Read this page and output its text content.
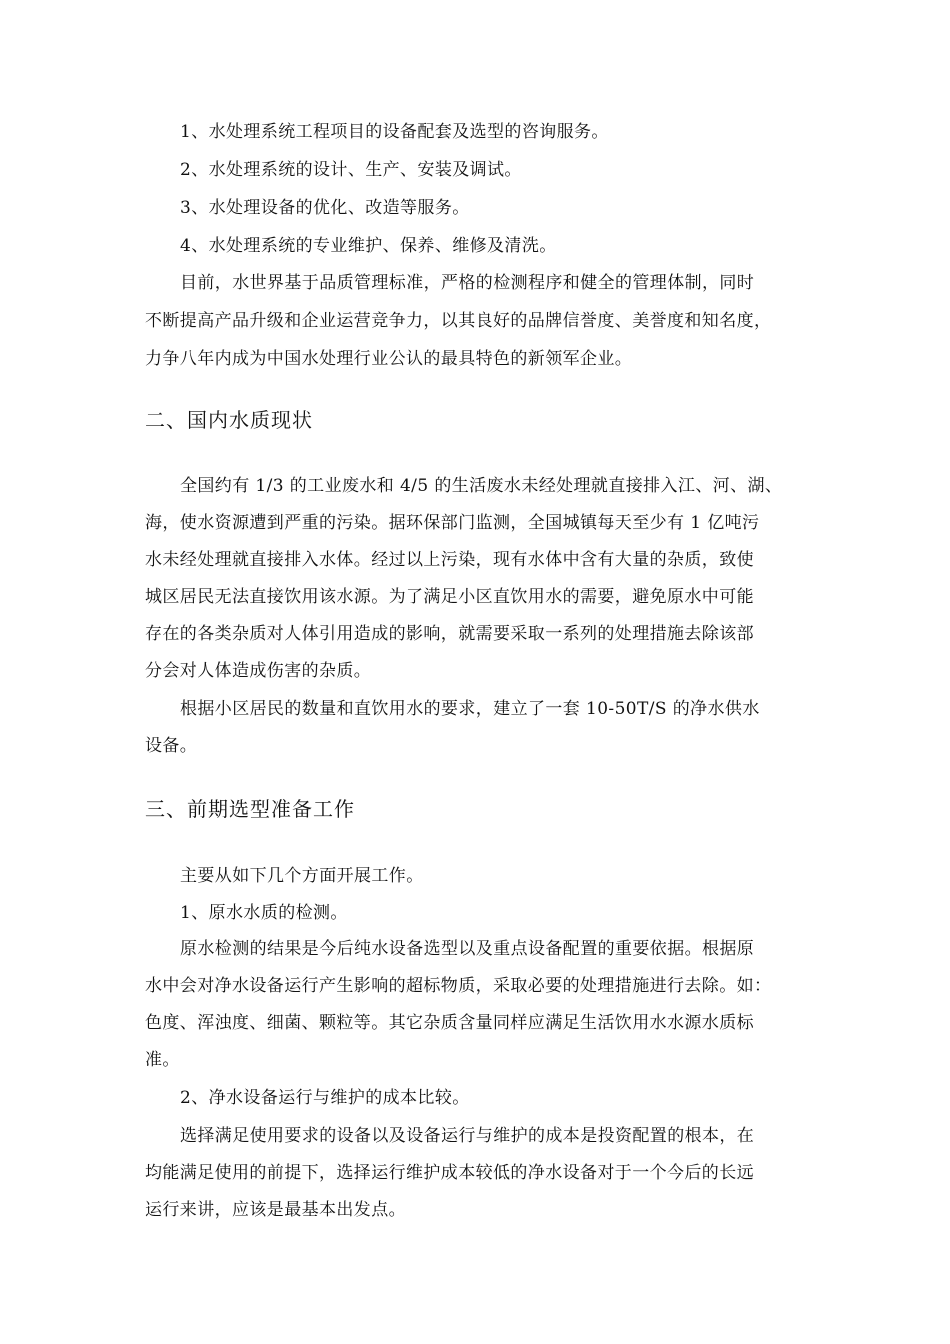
1、水处理系统工程项目的设备配套及选型的咨询服务。
2、水处理系统的设计、生产、安装及调试。
3、水处理设备的优化、改造等服务。
4、水处理系统的专业维护、保养、维修及清洗。
目前，水世界基于品质管理标准，严格的检测程序和健全的管理体制，同时
不断提高产品升级和企业运营竞争力，以其良好的品牌信誉度、美誉度和知名度，
力争八年内成为中国水处理行业公认的最具特色的新领军企业。
二、国内水质现状
全国约有 1/3 的工业废水和 4/5 的生活废水未经处理就直接排入江、河、湖、
海，使水资源遭到严重的污染。据环保部门监测，全国城镇每天至少有 1 亿吨污
水未经处理就直接排入水体。经过以上污染，现有水体中含有大量的杂质，致使
城区居民无法直接饮用该水源。为了满足小区直饮用水的需要，避免原水中可能
存在的各类杂质对人体引用造成的影响，就需要采取一系列的处理措施去除该部
分会对人体造成伤害的杂质。
根据小区居民的数量和直饮用水的要求，建立了一套 10-50T/S 的净水供水
设备。
三、前期选型准备工作
主要从如下几个方面开展工作。
1、原水水质的检测。
原水检测的结果是今后纯水设备选型以及重点设备配置的重要依据。根据原
水中会对净水设备运行产生影响的超标物质，采取必要的处理措施进行去除。如：
色度、浑浊度、细菌、颗粒等。其它杂质含量同样应满足生活饮用水水源水质标
准。
2、净水设备运行与维护的成本比较。
选择满足使用要求的设备以及设备运行与维护的成本是投资配置的根本，在
均能满足使用的前提下，选择运行维护成本较低的净水设备对于一个今后的长远
运行来讲，应该是最基本出发点。
